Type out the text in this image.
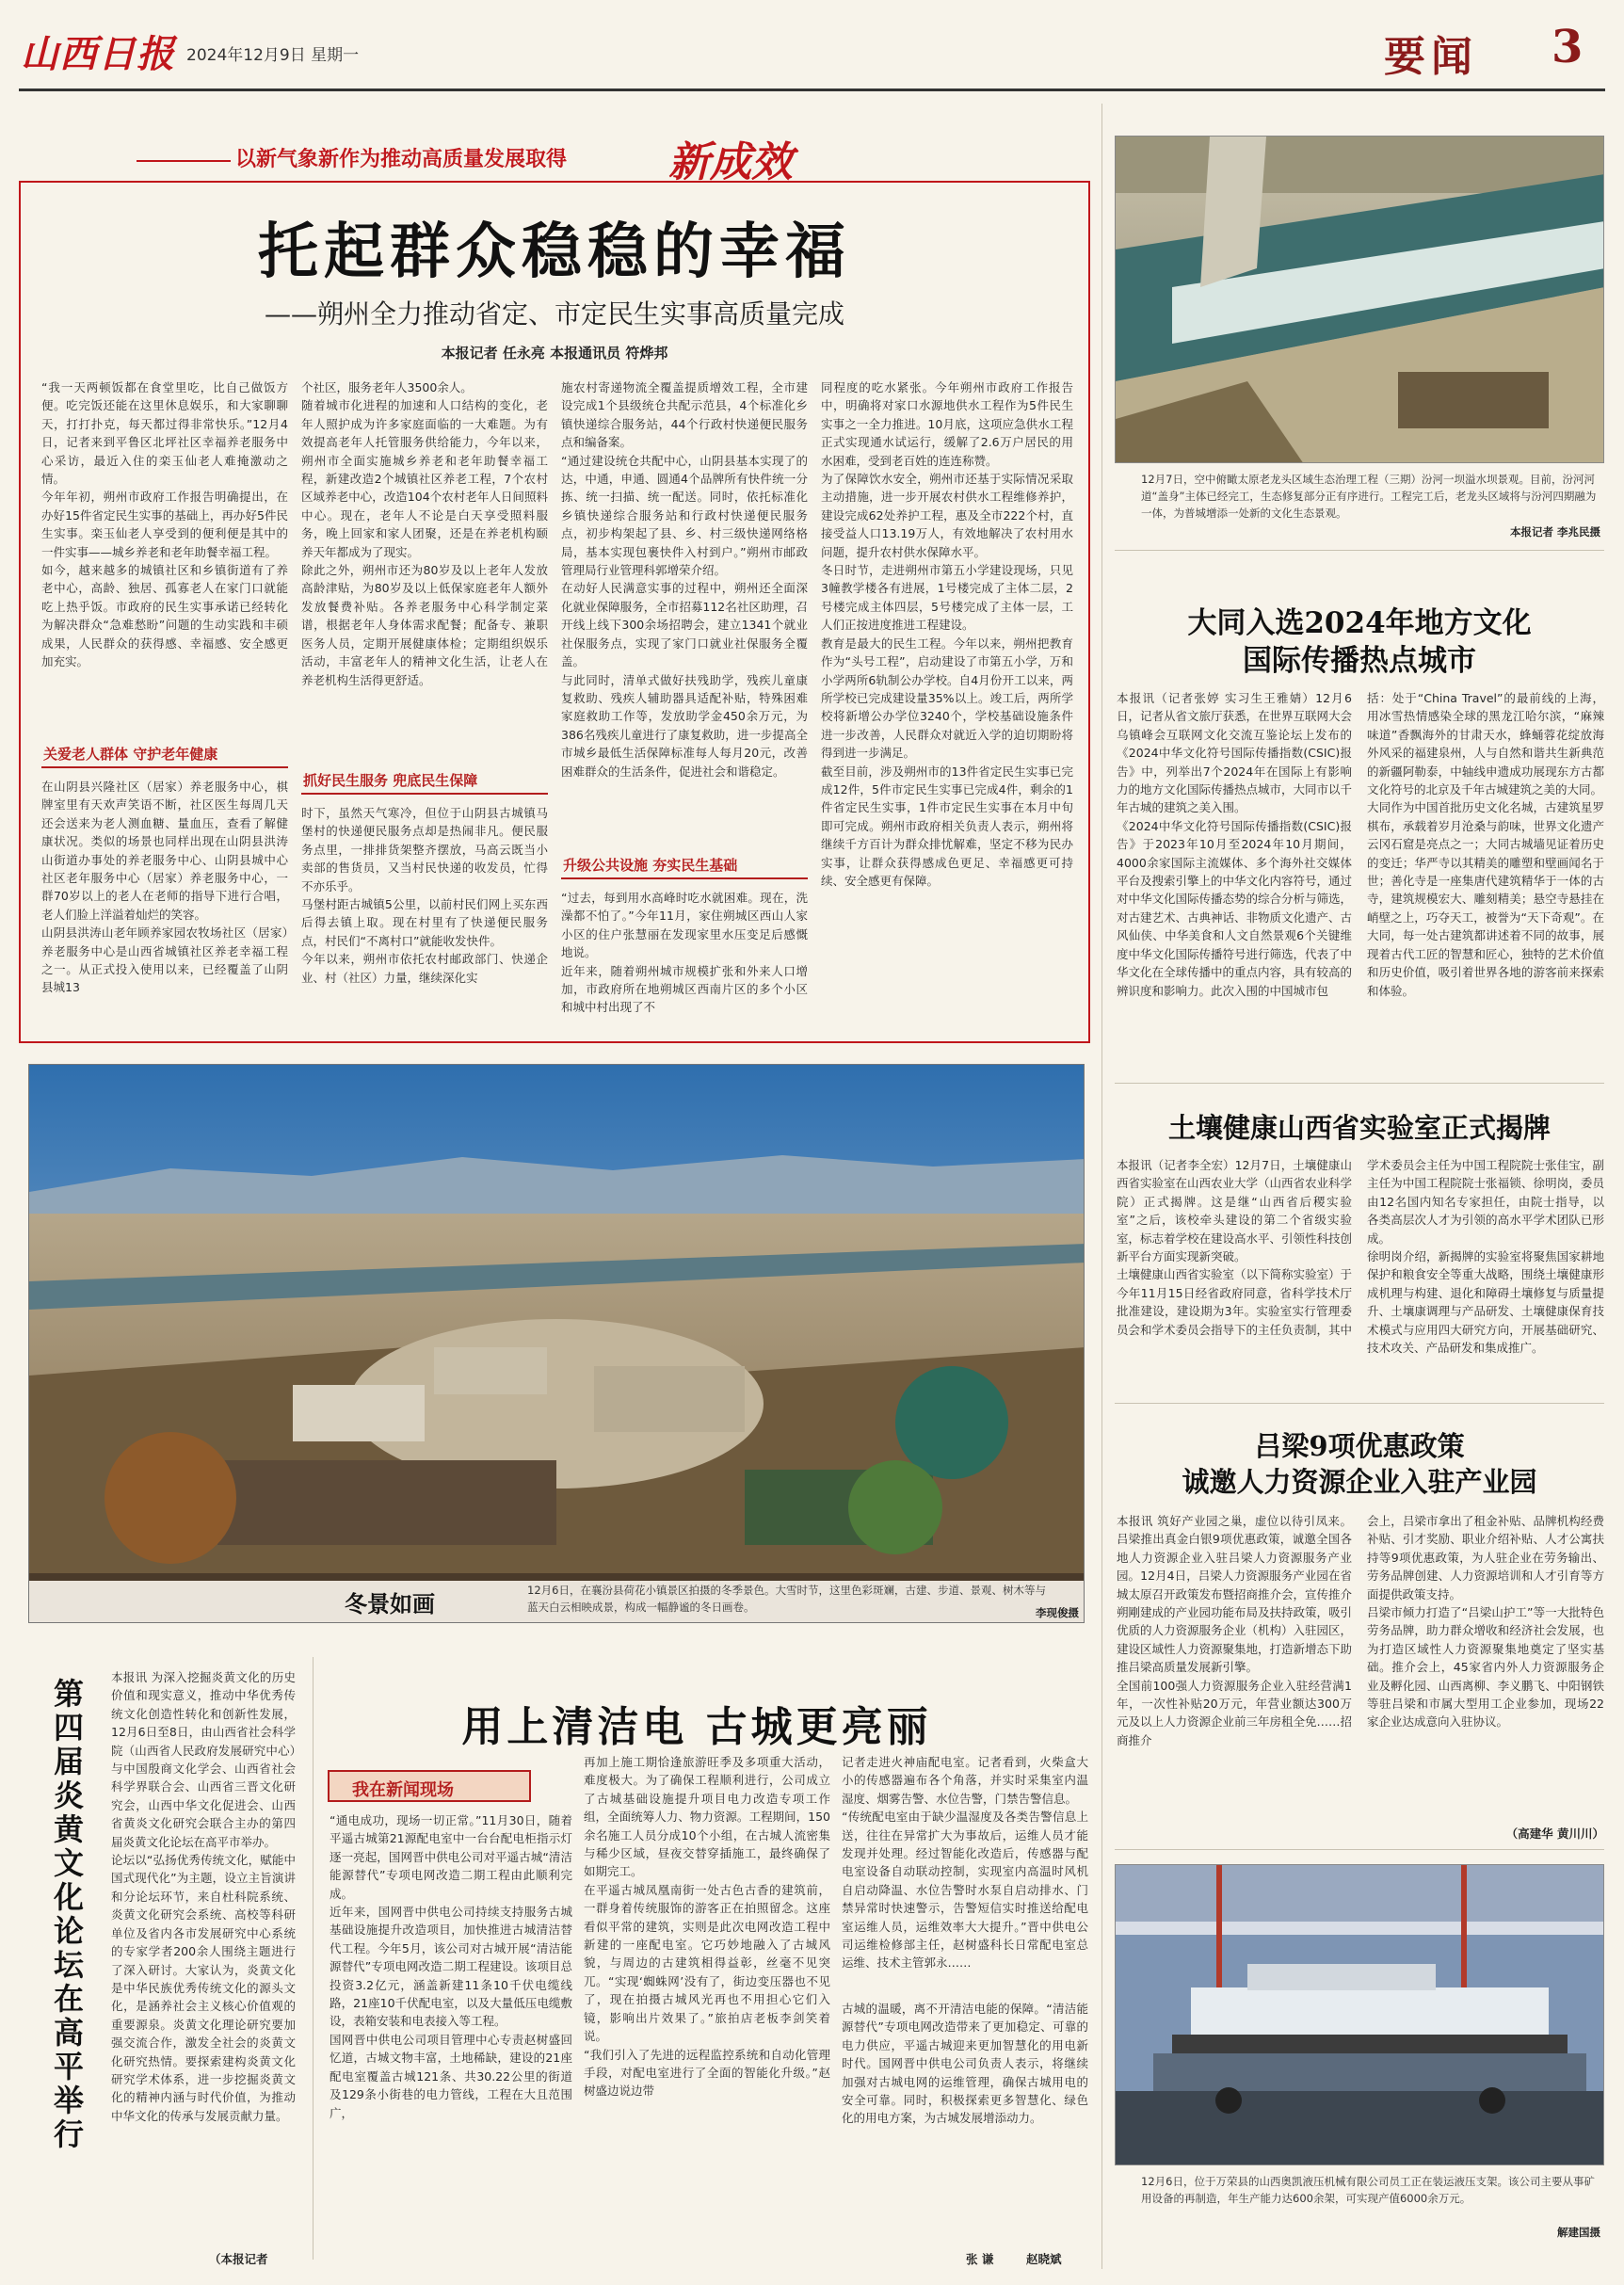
山西日报 2024年12月9日 星期一	要闻 3
以新气象新作为推动高质量发展取得 新成效
托起群众稳稳的幸福
——朔州全力推动省定、市定民生实事高质量完成
本报记者 任永亮 本报通讯员 符烨邦
“我一天两顿饭都在食堂里吃，比自己做饭方便。吃完饭还能在这里休息娱乐，和大家聊聊天，打打扑克，每天都过得非常快乐。”12月4日，记者来到平鲁区北坪社区幸福养老服务中心采访，最近入住的栾玉仙老人难掩激动之情。
今年年初，朔州市政府工作报告明确提出，在办好15件省定民生实事的基础上，再办好5件民生实事。栾玉仙老人享受到的便利便是其中的一件实事——城乡养老和老年助餐幸福工程。
如今，越来越多的城镇社区和乡镇街道有了养老中心，高龄、独居、孤寡老人在家门口就能吃上热乎饭。市政府的民生实事承诺已经转化为解决群众“急难愁盼”问题的生动实践和丰硕成果，人民群众的获得感、幸福感、安全感更加充实。
关爱老人群体 守护老年健康
在山阴县兴隆社区（居家）养老服务中心，棋牌室里有天欢声笑语不断，社区医生每周几天还会送来为老人测血糖、量血压，查看了解健康状况。类似的场景也同样出现在山阴县洪涛山街道办事处的养老服务中心、山阴县城中心社区老年服务中心（居家）养老服务中心，一群70岁以上的老人在老师的指导下进行合唱，老人们脸上洋溢着灿烂的笑容。
山阴县洪涛山老年顾养家园农牧场社区（居家）养老服务中心是山西省城镇社区养老幸福工程之一。从正式投入使用以来，已经覆盖了山阴县城13
个社区，服务老年人3500余人。
随着城市化进程的加速和人口结构的变化，老年人照护成为许多家庭面临的一大难题。为有效提高老年人托管服务供给能力，今年以来，朔州市全面实施城乡养老和老年助餐幸福工程，新建改造2个城镇社区养老工程，7个农村区域养老中心，改造104个农村老年人日间照料中心。现在，老年人不论是白天享受照料服务，晚上回家和家人团聚，还是在养老机构颐养天年都成为了现实。
除此之外，朔州市还为80岁及以上老年人发放高龄津贴，为80岁及以上低保家庭老年人额外发放餐费补贴。各养老服务中心科学制定菜谱，根据老年人身体需求配餐；配备专、兼职医务人员，定期开展健康体检；定期组织娱乐活动，丰富老年人的精神文化生活，让老人在养老机构生活得更舒适。
抓好民生服务 兜底民生保障
时下，虽然天气寒冷，但位于山阴县古城镇马堡村的快递便民服务点却是热闹非凡。便民服务点里，一排排货架整齐摆放，马高云既当小卖部的售货员，又当村民快递的收发员，忙得不亦乐乎。
马堡村距古城镇5公里，以前村民们网上买东西后得去镇上取。现在村里有了快递便民服务点，村民们“不离村口”就能收发快件。
今年以来，朔州市依托农村邮政部门、快递企业、村（社区）力量，继续深化实
施农村寄递物流全覆盖提质增效工程，全市建设完成1个县级统仓共配示范县，4个标准化乡镇快递综合服务站，44个行政村快递便民服务点和编备案。
“通过建设统仓共配中心，山阴县基本实现了的达，中通，申通、圆通4个品牌所有快件统一分拣、统一扫描、统一配送。同时，依托标准化乡镇快递综合服务站和行政村快递便民服务点，初步构架起了县、乡、村三级快递网络格局，基本实现包裹快件入村到户。”朔州市邮政管理局行业管理科郭增荣介绍。
在动好人民满意实事的过程中，朔州还全面深化就业保障服务，全市招募112名社区助理，召开线上线下300余场招聘会，建立1341个就业社保服务点，实现了家门口就业社保服务全覆盖。
与此同时，清单式做好扶残助学，残疾儿童康复救助、残疾人辅助器具适配补贴，特殊困难家庭救助工作等，发放助学金450余万元，为386名残疾儿童进行了康复救助，进一步提高全市城乡最低生活保障标准每人每月20元，改善困难群众的生活条件，促进社会和谐稳定。
升级公共设施 夯实民生基础
“过去，每到用水高峰时吃水就困难。现在，洗澡都不怕了。”今年11月，家住朔城区西山人家小区的住户张慧丽在发现家里水压变足后感慨地说。
近年来，随着朔州城市规模扩张和外来人口增加，市政府所在地朔城区西南片区的多个小区和城中村出现了不
同程度的吃水紧张。今年朔州市政府工作报告中，明确将对家口水源地供水工程作为5件民生实事之一全力推进。10月底，这项应急供水工程正式实现通水试运行，缓解了2.6万户居民的用水困难，受到老百姓的连连称赞。
为了保障饮水安全，朔州市还基于实际情况采取主动措施，进一步开展农村供水工程维修养护，建设完成62处养护工程，惠及全市222个村，直接受益人口13.19万人，有效地解决了农村用水问题，提升农村供水保障水平。
冬日时节，走进朔州市第五小学建设现场，只见3幢教学楼各有进展，1号楼完成了主体二层，2号楼完成主体四层，5号楼完成了主体一层，工人们正按进度推进工程建设。
教育是最大的民生工程。今年以来，朔州把教育作为“头号工程”，启动建设了市第五小学，万和小学两所6轨制公办学校。自4月份开工以来，两所学校已完成建设量35%以上。竣工后，两所学校将新增公办学位3240个，学校基础设施条件进一步改善，人民群众对就近入学的迫切期盼将得到进一步满足。
截至目前，涉及朔州市的13件省定民生实事已完成12件，5件市定民生实事已完成4件，剩余的1件省定民生实事，1件市定民生实事在本月中旬即可完成。朔州市政府相关负责人表示，朔州将继续千方百计为群众排忧解难，坚定不移为民办实事，让群众获得感成色更足、幸福感更可持续、安全感更有保障。
12月7日，空中俯瞰太原老龙头区域生态治理工程（三期）汾河一坝溢水坝景观。目前，汾河河道“盖身”主体已经完工，生态修复部分正有序进行。工程完工后，老龙头区域将与汾河四期融为一体，为普城增添一处新的文化生态景观。
本报记者 李兆民摄
大同入选2024年地方文化
国际传播热点城市
本报讯（记者张婷 实习生王雅婧）12月6日，记者从省文旅厅获悉，在世界互联网大会乌镇峰会互联网文化交流互鉴论坛上发布的《2024中华文化符号国际传播指数(CSIC)报告》中，列举出7个2024年在国际上有影响力的地方文化国际传播热点城市，大同市以千年古城的建筑之美入围。
《2024中华文化符号国际传播指数(CSIC)报告》于2023年10月至2024年10月期间，4000余家国际主流媒体、多个海外社交媒体平台及搜索引擎上的中华文化内容符号，通过对中华文化国际传播态势的综合分析与筛选，对古建艺术、古典神话、非物质文化遗产、古风仙侠、中华美食和人文自然景观6个关键维度中华文化国际传播符号进行筛选，代表了中华文化在全球传播中的重点内容，具有较高的辨识度和影响力。此次入围的中国城市包
括：处于“China Travel”的最前线的上海，用冰雪热情感染全球的黑龙江哈尔滨，“麻辣味道”香飘海外的甘肃天水，蜂蛹蓉花绽放海外风采的福建泉州，人与自然和谐共生新典范的新疆阿勒泰，中轴线申遗成功展现东方古都文化符号的北京及千年古城建筑之美的大同。
大同作为中国首批历史文化名城，古建筑星罗棋布，承载着岁月沧桑与韵味，世界文化遗产云冈石窟是亮点之一；大同古城墙见证着历史的变迁；华严寺以其精美的雕塑和壁画闻名于世；善化寺是一座集唐代建筑精华于一体的古寺，建筑规模宏大、雕刻精美；悬空寺悬挂在峭壁之上，巧夺天工，被誉为“天下奇观”。在大同，每一处古建筑都讲述着不同的故事，展现着古代工匠的智慧和匠心，独特的艺术价值和历史价值，吸引着世界各地的游客前来探索和体验。
土壤健康山西省实验室正式揭牌
本报讯（记者李全宏）12月7日，土壤健康山西省实验室在山西农业大学（山西省农业科学院）正式揭牌。这是继“山西省后稷实验室”之后，该校牵头建设的第二个省级实验室，标志着学校在建设高水平、引领性科技创新平台方面实现新突破。
土壤健康山西省实验室（以下简称实验室）于今年11月15日经省政府同意，省科学技术厅批准建设，建设期为3年。实验室实行管理委员会和学术委员会指导下的主任负责制，其中
学术委员会主任为中国工程院院士张佳宝，副主任为中国工程院院士张福锁、徐明岗，委员由12名国内知名专家担任，由院士指导，以各类高层次人才为引领的高水平学术团队已形成。
徐明岗介绍，新揭牌的实验室将聚焦国家耕地保护和粮食安全等重大战略，围绕土壤健康形成机理与构建、退化和障碍土壤修复与质量提升、土壤康调理与产品研发、土壤健康保育技术模式与应用四大研究方向，开展基础研究、技术攻关、产品研发和集成推广。
吕梁9项优惠政策
诚邀人力资源企业入驻产业园
本报讯 筑好产业园之巢，虚位以待引凤来。吕梁推出真金白银9项优惠政策，诚邀全国各地人力资源企业入驻吕梁人力资源服务产业园。12月4日，吕梁人力资源服务产业园在省城太原召开政策发布暨招商推介会，宣传推介朔剛建成的产业园功能布局及扶持政策，吸引优质的人力资源服务企业（机构）入驻园区，建设区域性人力资源聚集地，打造新增态下助推吕梁高质量发展新引擎。
全国前100强人力资源服务企业入驻经营满1年，一次性补贴20万元，年营业额达300万元及以上人力资源企业前三年房租全免……招商推介
会上，吕梁市拿出了租金补贴、品牌机构经费补贴、引才奖励、职业介绍补贴、人才公寓扶持等9项优惠政策，为人驻企业在劳务输出、劳务品牌创建、人力资源培训和人才引育等方面提供政策支持。
吕梁市倾力打造了“吕梁山护工”等一大批特色劳务品牌，助力群众增收和经济社会发展，也为打造区域性人力资源聚集地奠定了坚实基础。推介会上，45家省内外人力资源服务企业及孵化园、山西离柳、李义鹏飞、中阳钢铁等驻吕梁和市属大型用工企业参加，现场22家企业达成意向入驻协议。
（高建华 黄川川）
12月6日，位于万荣县的山西奥凯液压机械有限公司员工正在装运液压支架。该公司主要从事矿用设备的再制造，年生产能力达600余架，可实现产值6000余万元。
解建国摄
冬景如画	12月6日，在襄汾县荷花小镇景区拍摄的冬季景色。大雪时节，这里色彩斑斓，古建、步道、景观、树木等与蓝天白云相映成景，构成一幅静谧的冬日画卷。	李现俊摄
第四届炎黄文化论坛在高平举行
本报讯 为深入挖掘炎黄文化的历史价值和现实意义，推动中华优秀传统文化创造性转化和创新性发展，12月6日至8日，由山西省社会科学院（山西省人民政府发展研究中心）与中国殷商文化学会、山西省社会科学界联合会、山西省三晋文化研究会，山西中华文化促进会、山西省黄炎文化研究会联合主办的第四届炎黄文化论坛在高平市举办。
论坛以“弘扬优秀传统文化，赋能中国式现代化”为主题，设立主旨演讲和分论坛环节，来自杜科院系统、炎黄文化研究会系统、高校等科研单位及省内各市发展研究中心系统的专家学者200余人围绕主题进行了深入研讨。大家认为，炎黄文化是中华民族优秀传统文化的源头文化，是涵养社会主义核心价值观的重要源泉。炎黄文化理论研究要加强交流合作，激发全社会的炎黄文化研究热情。要探索建构炎黄文化研究学术体系，进一步挖掘炎黄文化的精神内涵与时代价值，为推动中华文化的传承与发展贡献力量。
（本报记者
用上清洁电 古城更亮丽
我在新闻现场
“通电成功，现场一切正常。”11月30日，随着平遥古城第21源配电室中一台台配电柜指示灯逐一亮起，国网晋中供电公司对平遥古城“清洁能源替代”专项电网改造二期工程由此顺利完成。
近年来，国网晋中供电公司持续支持服务古城基础设施提升改造项目，加快推进古城清洁替代工程。今年5月，该公司对古城开展“清洁能源替代”专项电网改造二期工程建设。该项目总投资3.2亿元，涵盖新建11条10千伏电缆线路，21座10千伏配电室，以及大量低压电缆敷设，表箱安装和电表接入等工程。
国网晋中供电公司项目管理中心专责赵树盛回忆道，古城文物丰富，土地稀缺，建设的21座配电室覆盖古城121条、共30.22公里的街道及129条小街巷的电力管线，工程在大且范围广，
再加上施工期恰逢旅游旺季及多项重大活动，难度极大。为了确保工程顺利进行，公司成立了古城基础设施提升项目电力改造专项工作组，全面统筹人力、物力资源。工程期间，150余名施工人员分成10个小组，在古城人流密集与稀少区域，昼夜交替穿插施工，最终确保了如期完工。
在平遥古城凤凰南街一处古色古香的建筑前，一群身着传统服饰的游客正在拍照留念。这座看似平常的建筑，实则是此次电网改造工程中新建的一座配电室。它巧妙地融入了古城风貌，与周边的古建筑相得益彰，丝毫不见突兀。“实现‘蜘蛛网’没有了，街边变压器也不见了，现在拍摄古城风光再也不用担心它们入镜，影响出片效果了。”旅拍店老板李剑笑着说。
“我们引入了先进的远程监控系统和自动化管理手段，对配电室进行了全面的智能化升级。”赵树盛边说边带
记者走进火神庙配电室。记者看到，火柴盒大小的传感器遍布各个角落，并实时采集室内温湿度、烟雾告警、水位告警，门禁告警信息。
“传统配电室由于缺少温湿度及各类告警信息上送，往往在异常扩大为事故后，运维人员才能发现并处理。经过智能化改造后，传感器与配电室设备自动联动控制，实现室内高温时风机自启动降温、水位告警时水泵自启动排水、门禁异常时快速警示，告警短信实时推送给配电室运维人员，运维效率大大提升。”晋中供电公司运维检修部主任，赵树盛科长日常配电室总运维、技术主管郭永……
古城的温暖，离不开清洁电能的保障。“清洁能源替代”专项电网改造带来了更加稳定、可靠的电力供应，平遥古城迎来更加智慧化的用电新时代。国网晋中供电公司负责人表示，将继续加强对古城电网的运维管理，确保古城用电的安全可靠。同时，积极探索更多智慧化、绿色化的用电方案，为古城发展增添动力。
张 谦	赵晓斌
